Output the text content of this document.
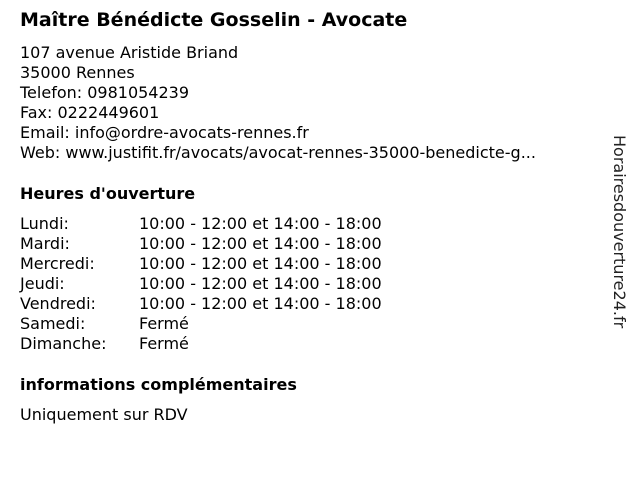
Maître Bénédicte Gosselin - Avocate
107 avenue Aristide Briand
35000 Rennes
Telefon: 0981054239
Fax: 0222449601
Email: info@ordre-avocats-rennes.fr
Web: www.justifit.fr/avocats/avocat-rennes-35000-benedicte-g...
Heures d'ouverture
Lundi:	10:00 - 12:00 et 14:00 - 18:00
Mardi:	10:00 - 12:00 et 14:00 - 18:00
Mercredi:	10:00 - 12:00 et 14:00 - 18:00
Jeudi:	10:00 - 12:00 et 14:00 - 18:00
Vendredi:	10:00 - 12:00 et 14:00 - 18:00
Samedi:	Fermé
Dimanche:	Fermé
informations complémentaires
Uniquement sur RDV
Horairesdouverture24.fr
